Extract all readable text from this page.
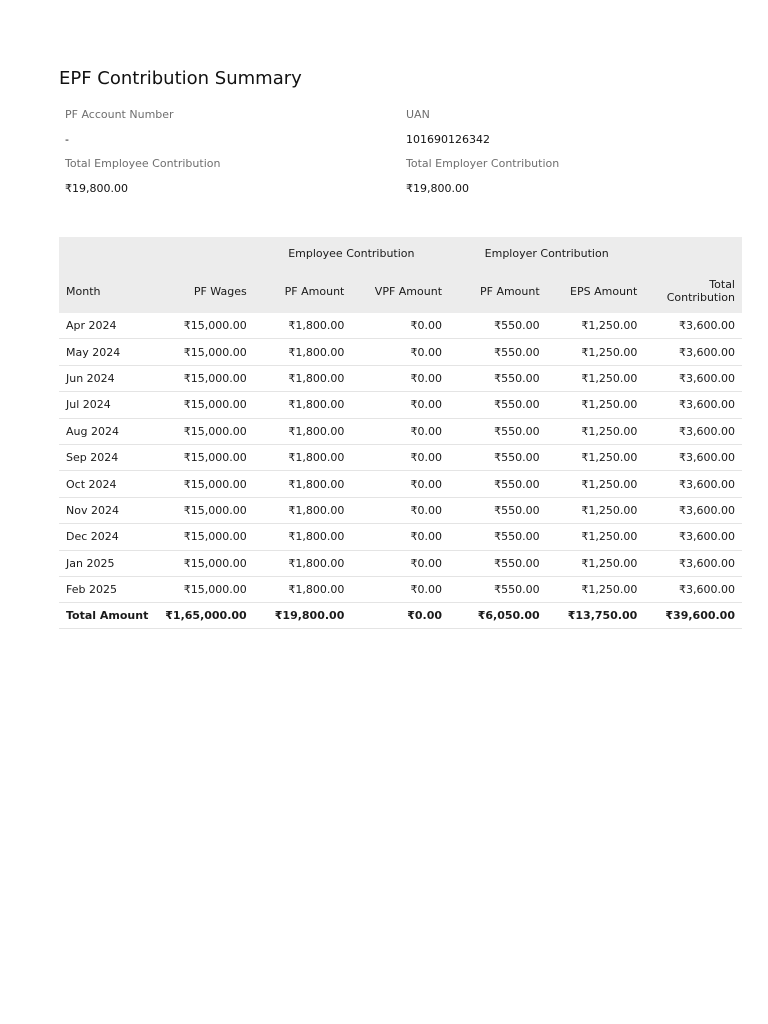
EPF Contribution Summary
PF Account Number
-
UAN
101690126342
Total Employee Contribution
₹19,800.00
Total Employer Contribution
₹19,800.00
		Employee Contribution		Employer Contribution		
Month	PF Wages	PF Amount	VPF Amount	PF Amount	EPS Amount	Total Contribution
Apr 2024	₹15,000.00	₹1,800.00	₹0.00	₹550.00	₹1,250.00	₹3,600.00
May 2024	₹15,000.00	₹1,800.00	₹0.00	₹550.00	₹1,250.00	₹3,600.00
Jun 2024	₹15,000.00	₹1,800.00	₹0.00	₹550.00	₹1,250.00	₹3,600.00
Jul 2024	₹15,000.00	₹1,800.00	₹0.00	₹550.00	₹1,250.00	₹3,600.00
Aug 2024	₹15,000.00	₹1,800.00	₹0.00	₹550.00	₹1,250.00	₹3,600.00
Sep 2024	₹15,000.00	₹1,800.00	₹0.00	₹550.00	₹1,250.00	₹3,600.00
Oct 2024	₹15,000.00	₹1,800.00	₹0.00	₹550.00	₹1,250.00	₹3,600.00
Nov 2024	₹15,000.00	₹1,800.00	₹0.00	₹550.00	₹1,250.00	₹3,600.00
Dec 2024	₹15,000.00	₹1,800.00	₹0.00	₹550.00	₹1,250.00	₹3,600.00
Jan 2025	₹15,000.00	₹1,800.00	₹0.00	₹550.00	₹1,250.00	₹3,600.00
Feb 2025	₹15,000.00	₹1,800.00	₹0.00	₹550.00	₹1,250.00	₹3,600.00
Total Amount	₹1,65,000.00	₹19,800.00	₹0.00	₹6,050.00	₹13,750.00	₹39,600.00
